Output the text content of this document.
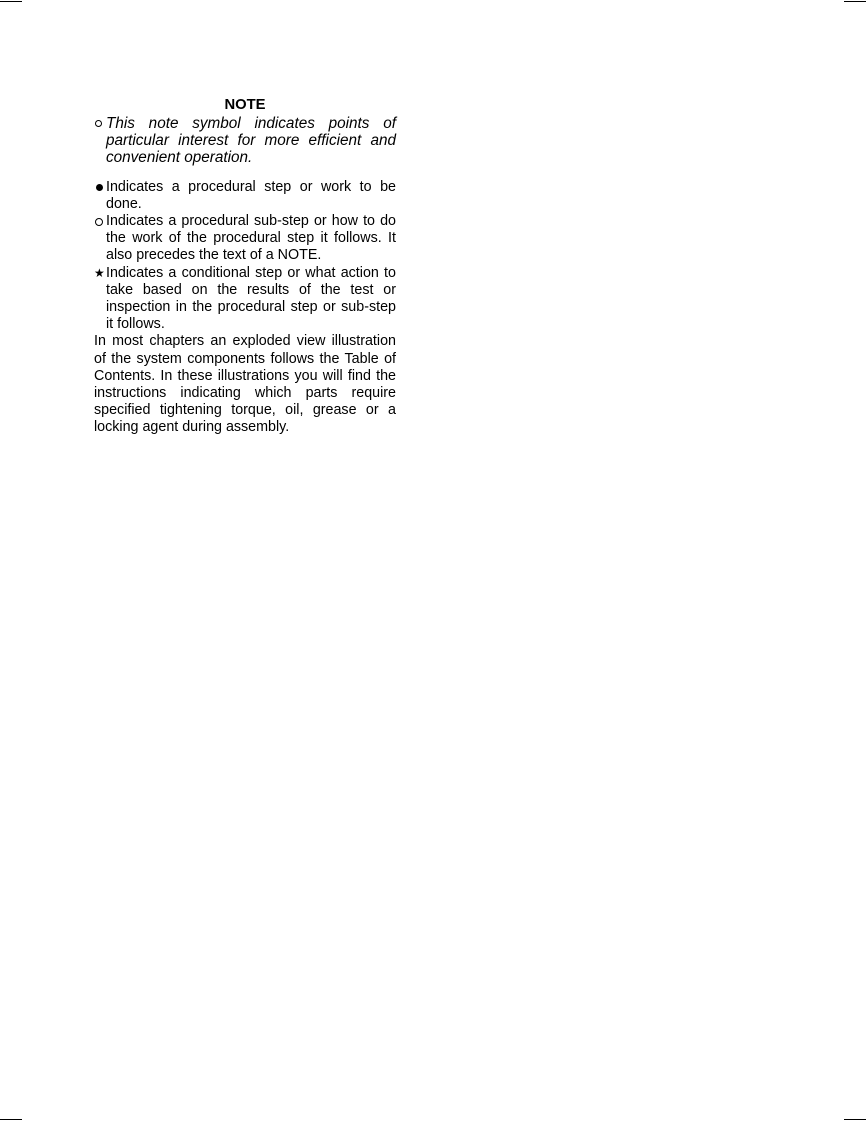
NOTE
This note symbol indicates points of particular interest for more efficient and convenient operation.
Indicates a procedural step or work to be done.
Indicates a procedural sub-step or how to do the work of the procedural step it follows. It also precedes the text of a NOTE.
★
Indicates a conditional step or what action to take based on the results of the test or inspection in the procedural step or sub-step it follows.
In most chapters an exploded view illustration of the system components follows the Table of Contents. In these illustrations you will find the instructions indicating which parts require specified tightening torque, oil, grease or a locking agent during assembly.
